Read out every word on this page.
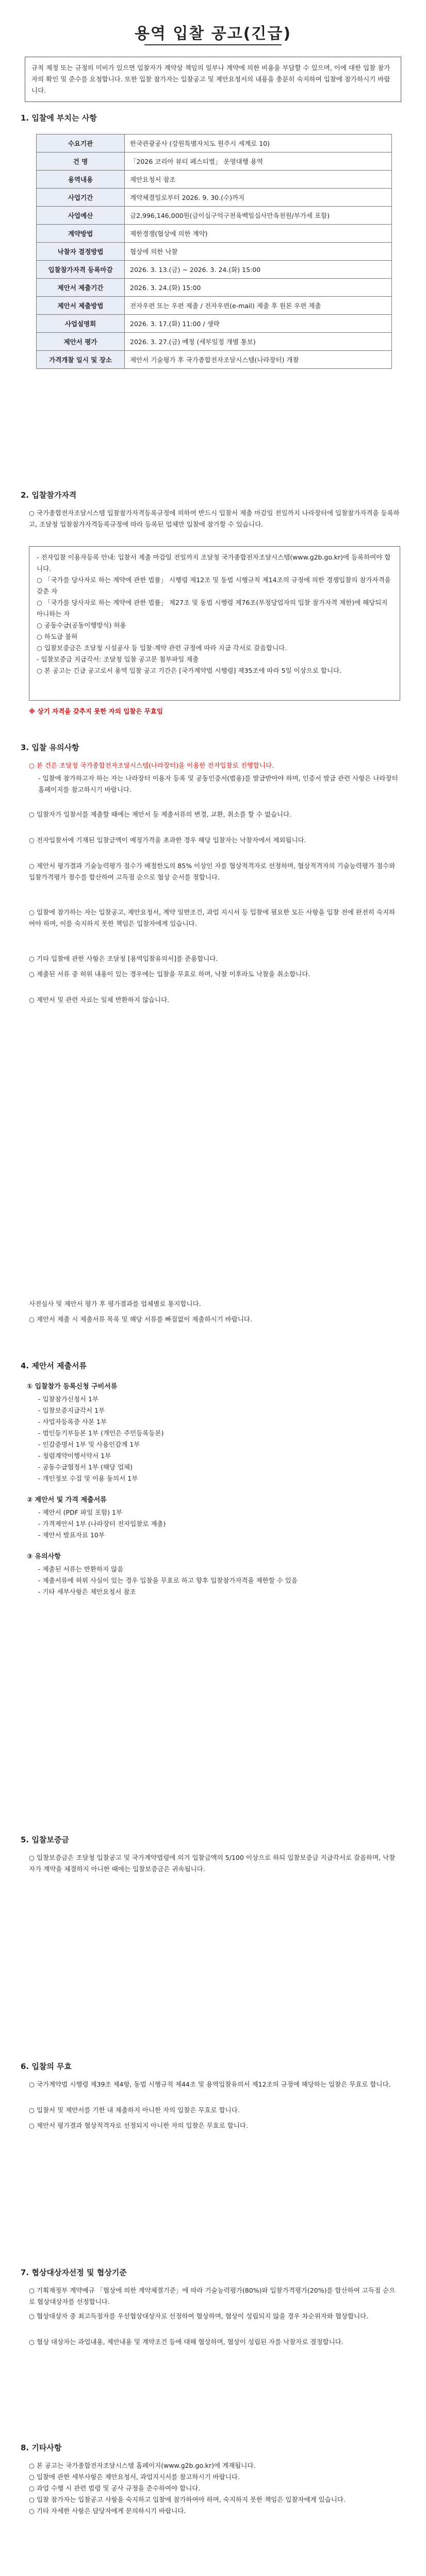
용역 입찰 공고(긴급)
규칙 제정 또는 규정의 미비가 있으면 입찰자가 계약상 책임의 일부나 계약에 의한 비용을 부담할 수 있으며, 이에 대한 입찰 참가자의 확인 및 준수를 요청합니다. 또한 입찰 참가자는 입찰공고 및 제안요청서의 내용을 충분히 숙지하여 입찰에 참가하시기 바랍니다.
1. 입찰에 부치는 사항
수요기관	한국관광공사 (강원특별자치도 원주시 세계로 10)
건 명	「2026 코리아 뷰티 페스티벌」 운영대행 용역
용역내용	제안요청서 참조
사업기간	계약체결일로부터 2026. 9. 30.(수)까지
사업예산	금2,996,146,000원(금이십구억구천육백일십사만육천원/부가세 포함)
계약방법	제한경쟁(협상에 의한 계약)
낙찰자 결정방법	협상에 의한 낙찰
입찰참가자격 등록마감	2026. 3. 13.(금) ~ 2026. 3. 24.(화) 15:00
제안서 제출기간	2026. 3. 24.(화) 15:00
제안서 제출방법	전자우편 또는 우편 제출 / 전자우편(e-mail) 제출 후 원본 우편 제출
사업설명회	2026. 3. 17.(화) 11:00 / 생략
제안서 평가	2026. 3. 27.(금) 예정 (세부일정 개별 통보)
가격개찰 일시 및 장소	제안서 기술평가 후 국가종합전자조달시스템(나라장터) 개찰
2. 입찰참가자격
○ 국가종합전자조달시스템 입찰참가자격등록규정에 의하여 반드시 입찰서 제출 마감일 전일까지 나라장터에 입찰참가자격을 등록하고, 조달청 입찰참가자격등록규정에 따라 등록된 업체만 입찰에 참가할 수 있습니다.
- 전자입찰 이용자등록 안내: 입찰서 제출 마감일 전일까지 조달청 국가종합전자조달시스템(www.g2b.go.kr)에 등록하여야 합니다.
○ 「국가를 당사자로 하는 계약에 관한 법률」 시행령 제12조 및 동법 시행규칙 제14조의 규정에 의한 경쟁입찰의 참가자격을 갖춘 자
○ 「국가를 당사자로 하는 계약에 관한 법률」 제27조 및 동법 시행령 제76조(부정당업자의 입찰 참가자격 제한)에 해당되지 아니하는 자
○ 공동수급(공동이행방식) 허용
○ 하도급 불허
○ 입찰보증금은 조달청 시설공사 등 입찰·계약 관련 규정에 따라 지급 각서로 갈음합니다.
- 입찰보증금 지급각서: 조달청 입찰 공고문 첨부파일 제출
○ 본 공고는 긴급 공고로서 용역 입찰 공고 기간은 [국가계약법 시행령] 제35조에 따라 5일 이상으로 합니다.
※ 상기 자격을 갖추지 못한 자의 입찰은 무효임
3. 입찰 유의사항
○ 본 건은 조달청 국가종합전자조달시스템(나라장터)을 이용한 전자입찰로 진행합니다.
- 입찰에 참가하고자 하는 자는 나라장터 이용자 등록 및 공동인증서(범용)를 발급받아야 하며, 인증서 발급 관련 사항은 나라장터 홈페이지를 참고하시기 바랍니다.
○ 입찰자가 입찰서를 제출할 때에는 제안서 등 제출서류의 변경, 교환, 취소를 할 수 없습니다.
○ 전자입찰서에 기재된 입찰금액이 예정가격을 초과한 경우 해당 입찰자는 낙찰자에서 제외됩니다.
○ 제안서 평가결과 기술능력평가 점수가 배점한도의 85% 이상인 자를 협상적격자로 선정하며, 협상적격자의 기술능력평가 점수와 입찰가격평가 점수를 합산하여 고득점 순으로 협상 순서를 정합니다.
○ 입찰에 참가하는 자는 입찰공고, 제안요청서, 계약 일반조건, 과업 지시서 등 입찰에 필요한 모든 사항을 입찰 전에 완전히 숙지하여야 하며, 이를 숙지하지 못한 책임은 입찰자에게 있습니다.
○ 기타 입찰에 관한 사항은 조달청 [용역입찰유의서]를 준용합니다.
○ 제출된 서류 중 허위 내용이 있는 경우에는 입찰을 무효로 하며, 낙찰 이후라도 낙찰을 취소합니다.
○ 제안서 및 관련 자료는 일체 반환하지 않습니다.
사전심사 및 제안서 평가 후 평가결과를 업체별로 통지합니다.
○ 제안서 제출 시 제출서류 목록 및 해당 서류를 빠짐없이 제출하시기 바랍니다.
4. 제안서 제출서류
① 입찰참가 등록신청 구비서류
- 입찰참가신청서 1부
- 입찰보증지급각서 1부
- 사업자등록증 사본 1부
- 법인등기부등본 1부 (개인은 주민등록등본)
- 인감증명서 1부 및 사용인감계 1부
- 청렴계약이행서약서 1부
- 공동수급협정서 1부 (해당 업체)
- 개인정보 수집 및 이용 동의서 1부
② 제안서 및 가격 제출서류
- 제안서 (PDF 파일 포함) 1부
- 가격제안서 1부 (나라장터 전자입찰로 제출)
- 제안서 발표자료 10부
③ 유의사항
- 제출된 서류는 반환하지 않음
- 제출서류에 허위 사실이 있는 경우 입찰을 무효로 하고 향후 입찰참가자격을 제한할 수 있음
- 기타 세부사항은 제안요청서 참조
5. 입찰보증금
○ 입찰보증금은 조달청 입찰공고 및 국가계약법령에 의거 입찰금액의 5/100 이상으로 하되 입찰보증금 지급각서로 갈음하며, 낙찰자가 계약을 체결하지 아니한 때에는 입찰보증금은 귀속됩니다.
6. 입찰의 무효
○ 국가계약법 시행령 제39조 제4항, 동법 시행규칙 제44조 및 용역입찰유의서 제12조의 규정에 해당하는 입찰은 무효로 합니다.
○ 입찰서 및 제안서를 기한 내 제출하지 아니한 자의 입찰은 무효로 합니다.
○ 제안서 평가결과 협상적격자로 선정되지 아니한 자의 입찰은 무효로 합니다.
7. 협상대상자선정 및 협상기준
○ 기획재정부 계약예규 「협상에 의한 계약체결기준」에 따라 기술능력평가(80%)와 입찰가격평가(20%)를 합산하여 고득점 순으로 협상대상자를 선정합니다.
○ 협상대상자 중 최고득점자를 우선협상대상자로 선정하여 협상하며, 협상이 성립되지 않을 경우 차순위자와 협상합니다.
○ 협상 대상자는 과업내용, 제안내용 및 계약조건 등에 대해 협상하며, 협상이 성립된 자를 낙찰자로 결정합니다.
8. 기타사항
○ 본 공고는 국가종합전자조달시스템 홈페이지(www.g2b.go.kr)에 게재됩니다.
○ 입찰에 관한 세부사항은 제안요청서, 과업지시서를 참고하시기 바랍니다.
○ 과업 수행 시 관련 법령 및 공사 규정을 준수하여야 합니다.
○ 입찰 참가자는 입찰공고 사항을 숙지하고 입찰에 참가하여야 하며, 숙지하지 못한 책임은 입찰자에게 있습니다.
○ 기타 자세한 사항은 담당자에게 문의하시기 바랍니다.
